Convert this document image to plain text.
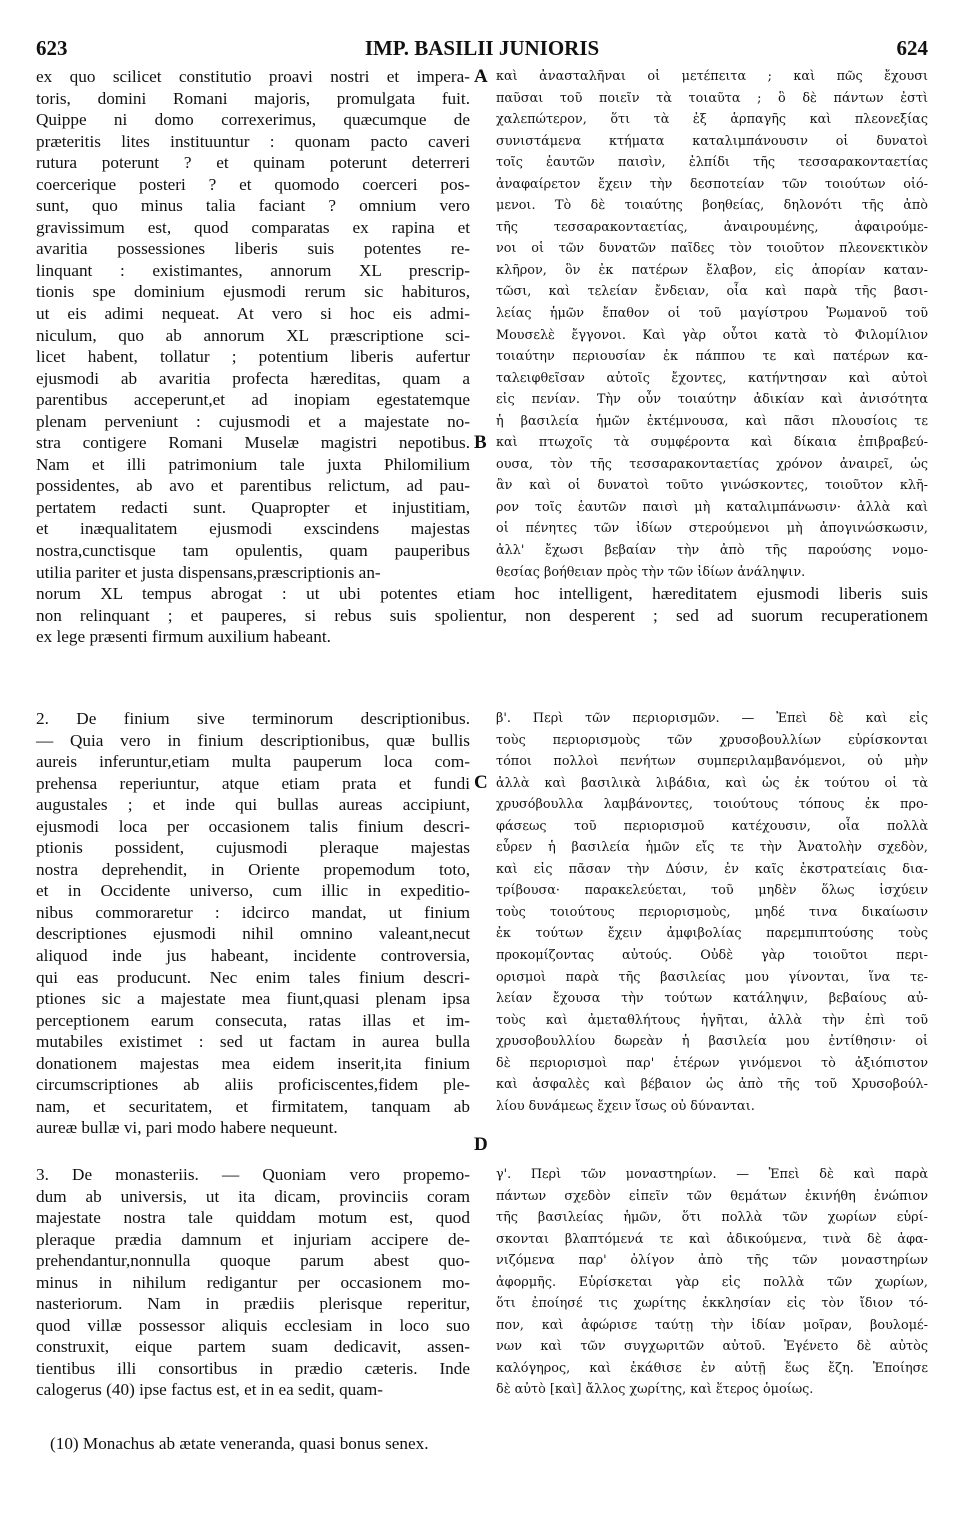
623	IMP. BASILII JUNIORIS	624
A
B
C
D
ex quo scilicet constitutio proavi nostri et impera-
toris, domini Romani majoris, promulgata fuit.
Quippe ni domo correxerimus, quæcumque de
præteritis lites instituuntur : quonam pacto caveri
rutura poterunt ? et quinam poterunt deterreri
coercerique posteri ? et quomodo coerceri pos-
sunt, quo minus talia faciant ? omnium vero
gravissimum est, quod comparatas ex rapina et
avaritia possessiones liberis suis potentes re-
linquant : existimantes, annorum XL prescrip-
tionis spe dominium ejusmodi rerum sic habituros,
ut eis adimi nequeat. At vero si hoc eis admi-
niculum, quo ab annorum XL præscriptione sci-
licet habent, tollatur ; potentium liberis aufertur
ejusmodi ab avaritia profecta hæreditas, quam a
parentibus acceperunt,et ad inopiam egestatemque
plenam perveniunt : cujusmodi et a majestate no-
stra contigere Romani Muselæ magistri nepotibus.
Nam et illi patrimonium tale juxta Philomilium
possidentes, ab avo et parentibus relictum, ad pau-
pertatem redacti sunt. Quapropter et injustitiam,
et inæqualitatem ejusmodi exscindens majestas
nostra,cunctisque tam opulentis, quam pauperibus
utilia pariter et justa dispensans,præscriptionis an-
καὶ ἀνασταλῆναι οἱ μετέπειτα ; καὶ πῶς ἔχουσι
παῦσαι τοῦ ποιεῖν τὰ τοιαῦτα ; ὃ δὲ πάντων ἐστὶ
χαλεπώτερον, ὅτι τὰ ἐξ ἁρπαγῆς καὶ πλεονεξίας
συνιστάμενα κτήματα καταλιμπάνουσιν οἱ δυνατοὶ
τοῖς ἑαυτῶν παισὶν, ἐλπίδι τῆς τεσσαρακονταετίας
ἀναφαίρετον ἔχειν τὴν δεσποτείαν τῶν τοιούτων οἰό-
μενοι. Τὸ δὲ τοιαύτης βοηθείας, δηλονότι τῆς ἀπὸ
τῆς τεσσαρακονταετίας, ἀναιρουμένης, ἀφαιρούμε-
νοι οἱ τῶν δυνατῶν παῖδες τὸν τοιοῦτον πλεονεκτικὸν
κλῆρον, ὃν ἐκ πατέρων ἔλαβον, εἰς ἀπορίαν καταν-
τῶσι, καὶ τελείαν ἔνδειαν, οἷα καὶ παρὰ τῆς βασι-
λείας ἡμῶν ἔπαθον οἱ τοῦ μαγίστρου Ῥωμανοῦ τοῦ
Μουσελὲ ἔγγονοι. Καὶ γὰρ οὗτοι κατὰ τὸ Φιλομίλιον
τοιαύτην περιουσίαν ἐκ πάππου τε καὶ πατέρων κα-
ταλειφθεῖσαν αὐτοῖς ἔχοντες, κατήντησαν καὶ αὐτοὶ
εἰς πενίαν. Τὴν οὖν τοιαύτην ἀδικίαν καὶ ἀνισότητα
ἡ βασιλεία ἡμῶν ἐκτέμνουσα, καὶ πᾶσι πλουσίοις τε
καὶ πτωχοῖς τὰ συμφέροντα καὶ δίκαια ἐπιβραβεύ-
ουσα, τὸν τῆς τεσσαρακονταετίας χρόνον ἀναιρεῖ, ὡς
ἂν καὶ οἱ δυνατοὶ τοῦτο γινώσκοντες, τοιοῦτον κλῆ-
ρον τοῖς ἑαυτῶν παισὶ μὴ καταλιμπάνωσιν· ἀλλὰ καὶ
οἱ πένητες τῶν ἰδίων στερούμενοι μὴ ἀπογινώσκωσιν,
ἀλλ' ἔχωσι βεβαίαν τὴν ἀπὸ τῆς παρούσης νομο-
θεσίας βοήθειαν πρὸς τὴν τῶν ἰδίων ἀνάληψιν.
norum XL tempus abrogat : ut ubi potentes etiam hoc intelligent, hæreditatem ejusmodi liberis suis
non relinquant ; et pauperes, si rebus suis spolientur, non desperent ; sed ad suorum recuperationem
ex lege præsenti firmum auxilium habeant.
2. De finium sive terminorum descriptionibus.
— Quia vero in finium descriptionibus, quæ bullis
aureis inferuntur,etiam multa pauperum loca com-
prehensa reperiuntur, atque etiam prata et fundi
augustales ; et inde qui bullas aureas accipiunt,
ejusmodi loca per occasionem talis finium descri-
ptionis possident, cujusmodi pleraque majestas
nostra deprehendit, in Oriente propemodum toto,
et in Occidente universo, cum illic in expeditio-
nibus commoraretur : idcirco mandat, ut finium
descriptiones ejusmodi nihil omnino valeant,necut
aliquod inde jus habeant, incidente controversia,
qui eas producunt. Nec enim tales finium descri-
ptiones sic a majestate mea fiunt,quasi plenam ipsa
perceptionem earum consecuta, ratas illas et im-
mutabiles existimet : sed ut factam in aurea bulla
donationem majestas mea eidem inserit,ita finium
circumscriptiones ab aliis proficiscentes,fidem ple-
nam, et securitatem, et firmitatem, tanquam ab
aureæ bullæ vi, pari modo habere nequeunt.
β'. Περὶ τῶν περιορισμῶν. — Ἐπεὶ δὲ καὶ εἰς
τοὺς περιορισμοὺς τῶν χρυσοβουλλίων εὑρίσκονται
τόποι πολλοὶ πενήτων συμπεριλαμβανόμενοι, οὐ μὴν
ἀλλὰ καὶ βασιλικὰ λιβάδια, καὶ ὡς ἐκ τούτου οἱ τὰ
χρυσόβουλλα λαμβάνοντες, τοιούτους τόπους ἐκ προ-
φάσεως τοῦ περιορισμοῦ κατέχουσιν, οἷα πολλὰ
εὗρεν ἡ βασιλεία ἡμῶν εἴς τε τὴν Ἀνατολὴν σχεδὸν,
καὶ εἰς πᾶσαν τὴν Δύσιν, ἐν καῖς ἐκστρατείαις δια-
τρίβουσα· παρακελεύεται, τοῦ μηδὲν ὅλως ἰσχύειν
τοὺς τοιούτους περιορισμοὺς, μηδέ τινα δικαίωσιν
ἐκ τούτων ἔχειν ἀμφιβολίας παρεμπιπτούσης τοὺς
προκομίζοντας αὐτούς. Οὐδὲ γὰρ τοιοῦτοι περι-
ορισμοὶ παρὰ τῆς βασιλείας μου γίνονται, ἵνα τε-
λείαν ἔχουσα τὴν τούτων κατάληψιν, βεβαίους αὐ-
τοὺς καὶ ἀμεταθλήτους ἡγῆται, ἀλλὰ τὴν ἐπὶ τοῦ
χρυσοβουλλίου δωρεὰν ἡ βασιλεία μου ἐντίθησιν· οἱ
δὲ περιορισμοὶ παρ' ἑτέρων γινόμενοι τὸ ἀξιόπιστον
καὶ ἀσφαλὲς καὶ βέβαιον ὡς ἀπὸ τῆς τοῦ Χρυσοβούλ-
λίου δυνάμεως ἔχειν ἴσως οὐ δύνανται.
3. De monasteriis. — Quoniam vero propemo-
dum ab universis, ut ita dicam, provinciis coram
majestate nostra tale quiddam motum est, quod
pleraque prædia damnum et injuriam accipere de-
prehendantur,nonnulla quoque parum abest quo-
minus in nihilum redigantur per occasionem mo-
nasteriorum. Nam in prædiis plerisque reperitur,
quod villæ possessor aliquis ecclesiam in loco suo
construxit, eique partem suam dedicavit, assen-
tientibus illi consortibus in prædio cæteris. Inde
calogerus (40) ipse factus est, et in ea sedit, quam-
γ'. Περὶ τῶν μοναστηρίων. — Ἐπεὶ δὲ καὶ παρὰ
πάντων σχεδὸν εἰπεῖν τῶν θεμάτων ἐκινήθη ἐνώπιον
τῆς βασιλείας ἡμῶν, ὅτι πολλὰ τῶν χωρίων εὑρί-
σκονται βλαπτόμενά τε καὶ ἀδικούμενα, τινὰ δὲ ἀφα-
νιζόμενα παρ' ὀλίγον ἀπὸ τῆς τῶν μοναστηρίων
ἀφορμῆς. Εὑρίσκεται γὰρ εἰς πολλὰ τῶν χωρίων,
ὅτι ἐποίησέ τις χωρίτης ἐκκλησίαν εἰς τὸν ἴδιον τό-
πον, καὶ ἀφώρισε ταύτῃ τὴν ἰδίαν μοῖραν, βουλομέ-
νων καὶ τῶν συγχωριτῶν αὐτοῦ. Ἐγένετο δὲ αὐτὸς
καλόγηρος, καὶ ἐκάθισε ἐν αὐτῇ ἕως ἔζη. Ἐποίησε
δὲ αὐτὸ [καὶ] ἄλλος χωρίτης, καὶ ἕτερος ὁμοίως.
(10) Monachus ab ætate veneranda, quasi bonus senex.
